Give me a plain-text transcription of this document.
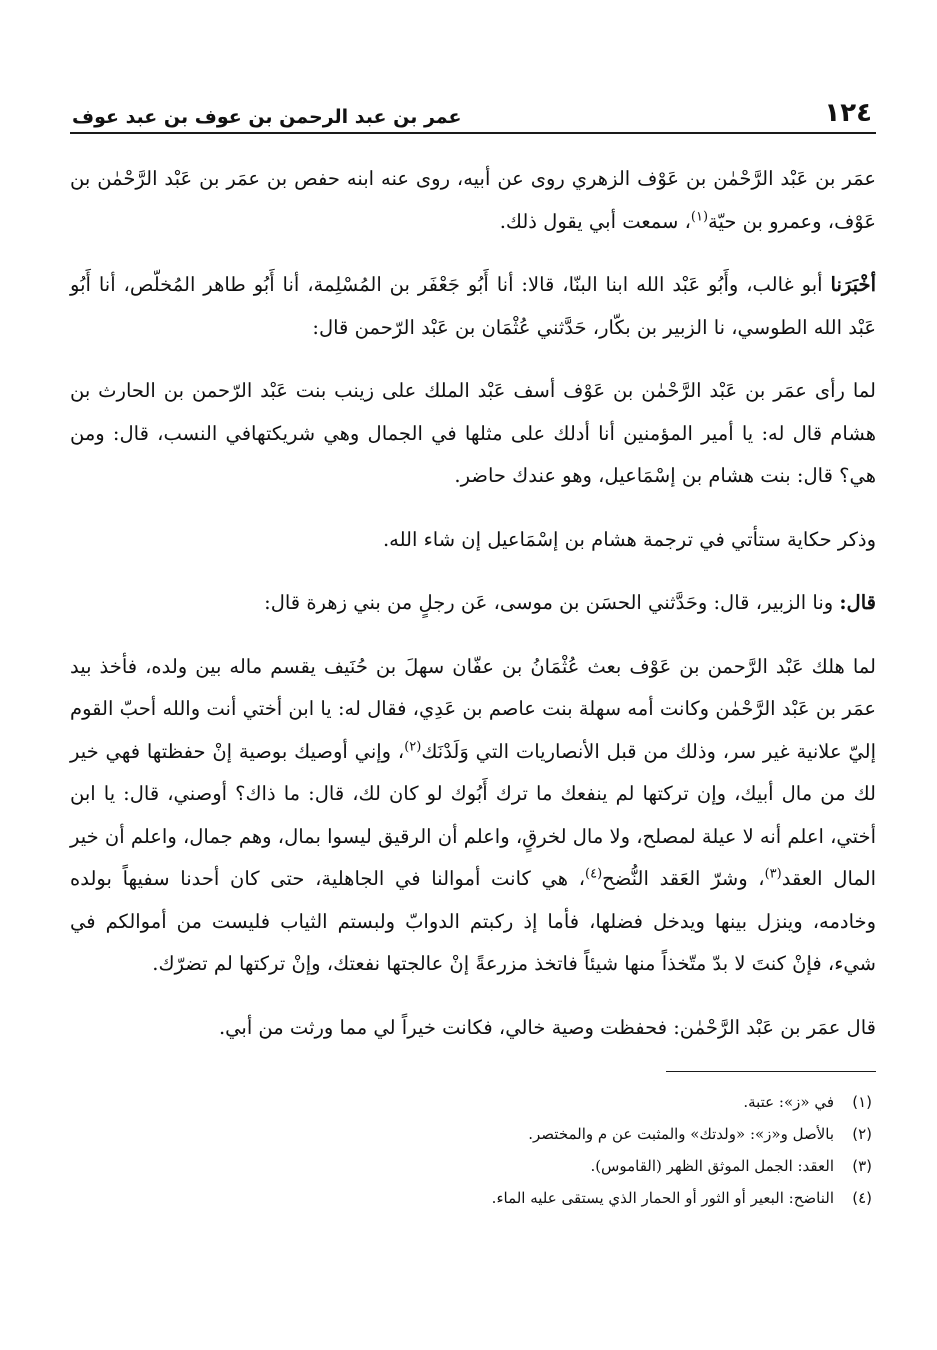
١٢٤
عمر بن عبد الرحمن بن عوف بن عبد عوف

عمَر بن عَبْد الرَّحْمٰن بن عَوْف الزهري روى عن أبيه، روى عنه ابنه حفص بن عمَر بن عَبْد الرَّحْمٰن بن عَوْف، وعمرو بن حيّة$^{(١)}$، سمعت أبي يقول ذلك.

أخْبَرَنا أبو غالب، وأَبُو عَبْد الله ابنا البنّا، قالا: أنا أَبُو جَعْفَر بن المُسْلِمة، أنا أَبُو طاهر المُخلّص، أنا أَبُو عَبْد الله الطوسي، نا الزبير بن بكّار، حَدَّثني عُثْمَان بن عَبْد الرّحمن قال:

لما رأى عمَر بن عَبْد الرَّحْمٰن بن عَوْف أسف عَبْد الملك على زينب بنت عَبْد الرّحمن بن الحارث بن هشام قال له: يا أمير المؤمنين أنا أدلك على مثلها في الجمال وهي شريكتهافي النسب، قال: ومن هي؟ قال: بنت هشام بن إسْمَاعيل، وهو عندك حاضر.

وذكر حكاية ستأتي في ترجمة هشام بن إسْمَاعيل إن شاء الله.

قال: ونا الزبير، قال: وحَدَّثني الحسَن بن موسى، عَن رجلٍ من بني زهرة قال:

لما هلك عَبْد الرَّحمن بن عَوْف بعث عُثْمَانُ بن عفّان سهلَ بن حُنَيف يقسم ماله بين ولده، فأخذ بيد عمَر بن عَبْد الرَّحْمٰن وكانت أمه سهلة بنت عاصم بن عَدِي، فقال له: يا ابن أختي أنت والله أحبّ القوم إليّ علانية غير سر، وذلك من قبل الأنصاريات التي وَلَدْنَك$^{(٢)}$، وإني أوصيك بوصية إنْ حفظتها فهي خير لك من مال أبيك، وإن تركتها لم ينفعك ما ترك أَبُوك لو كان لك، قال: ما ذاك؟ أوصني، قال: يا ابن أختي، اعلم أنه لا عيلة لمصلح، ولا مال لخرقٍ، واعلم أن الرقيق ليسوا بمال، وهم جمال، واعلم أن خير المال العقد$^{(٣)}$، وشرّ العَقد النُّضح$^{(٤)}$، هي كانت أموالنا في الجاهلية، حتى كان أحدنا سفيهاً بولده وخادمه، وينزل بينها ويدخل فضلها، فأما إذ ركبتم الدوابّ ولبستم الثياب فليست من أموالكم في شيء، فإنْ كنتَ لا بدّ متّخذاً منها شيئاً فاتخذ مزرعةً إنْ عالجتها نفعتك، وإنْ تركتها لم تضرّك.

قال عمَر بن عَبْد الرَّحْمٰن: فحفظت وصية خالي، فكانت خيراً لي مما ورثت من أبي.

(١)
في «ز»: عتبة.
(٢)
بالأصل و«ز»: «ولدتك» والمثبت عن م والمختصر.
(٣)
العقد: الجمل الموثق الظهر (القاموس).
(٤)
الناضح: البعير أو الثور أو الحمار الذي يستقى عليه الماء.
